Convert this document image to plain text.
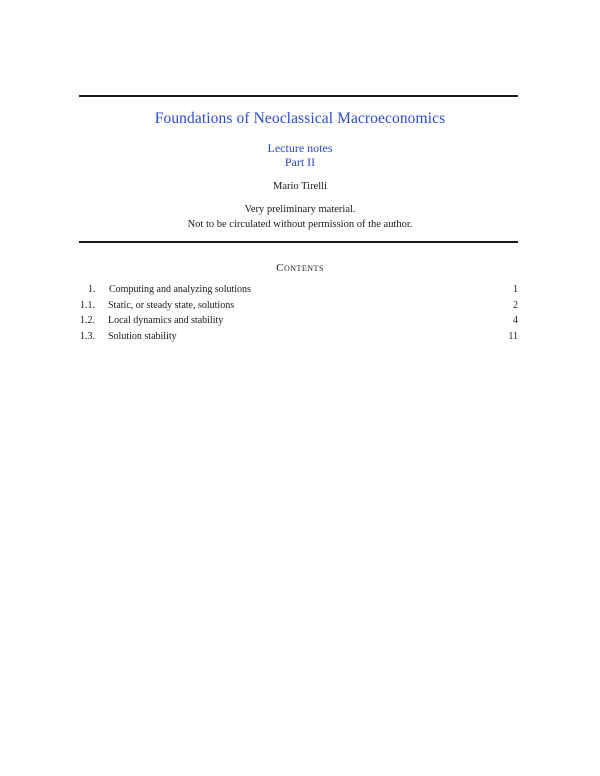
Foundations of Neoclassical Macroeconomics
Lecture notes
Part II
Mario Tirelli
Very preliminary material.
Not to be circulated without permission of the author.
Contents
1.	Computing and analyzing solutions	1
1.1.	Static, or steady state, solutions	2
1.2.	Local dynamics and stability	4
1.3.	Solution stability	11
